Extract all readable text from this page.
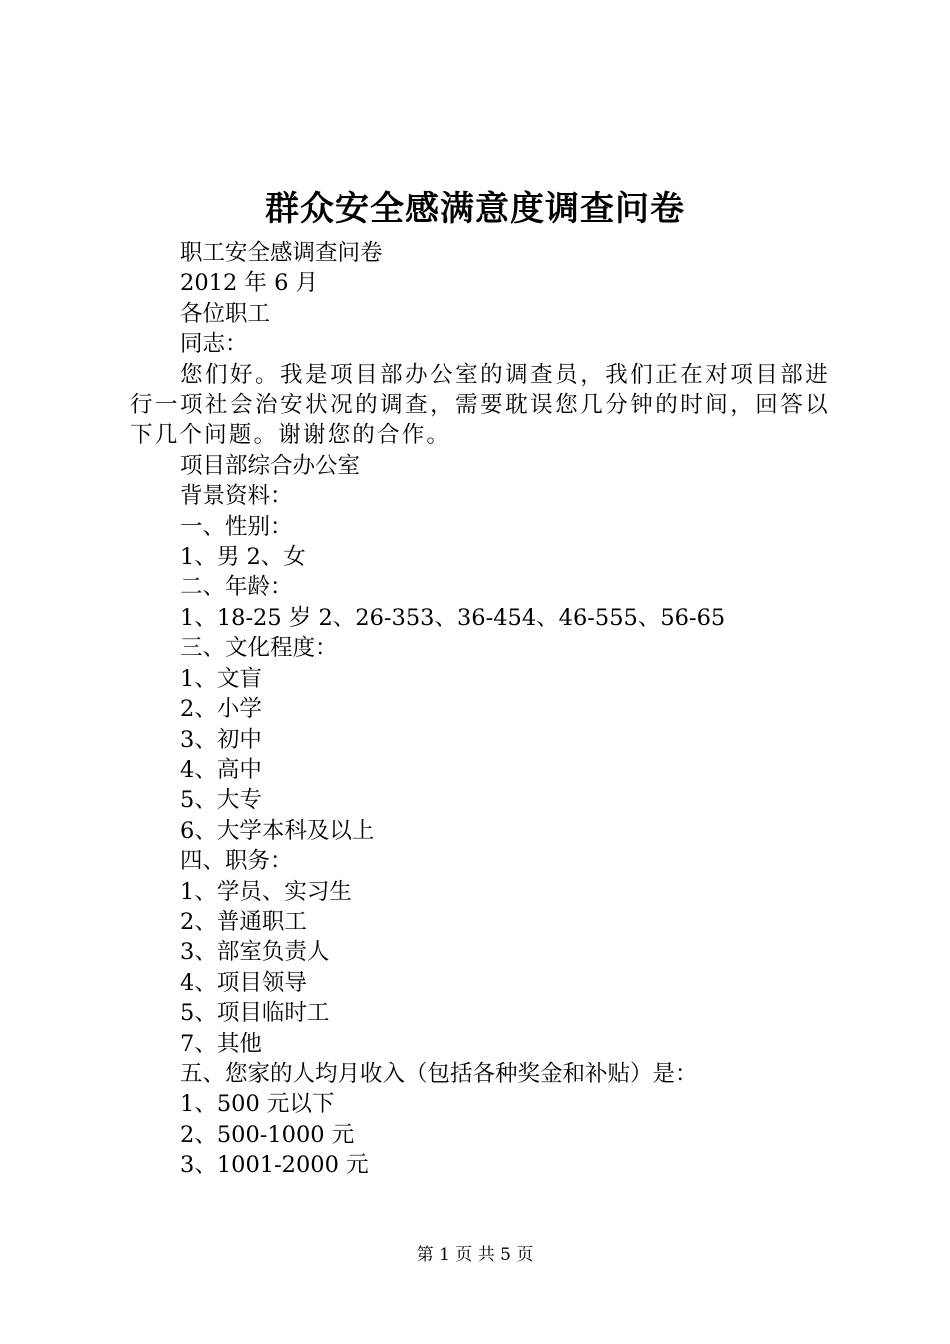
群众安全感满意度调查问卷

职工安全感调查问卷

2012 年 6 月

各位职工

同志：

您们好。我是项目部办公室的调查员，我们正在对项目部进行一项社会治安状况的调查，需要耽误您几分钟的时间，回答以下几个问题。谢谢您的合作。

项目部综合办公室

背景资料：

一、性别：

1、男 2、女

二、年龄：

1、18-25 岁 2、26-353、36-454、46-555、56-65

三、文化程度：

1、文盲

2、小学

3、初中

4、高中

5、大专

6、大学本科及以上

四、职务：

1、学员、实习生

2、普通职工

3、部室负责人

4、项目领导

5、项目临时工

7、其他

五、您家的人均月收入（包括各种奖金和补贴）是：

1、500 元以下

2、500-1000 元

3、1001-2000 元

第 1 页 共 5 页
